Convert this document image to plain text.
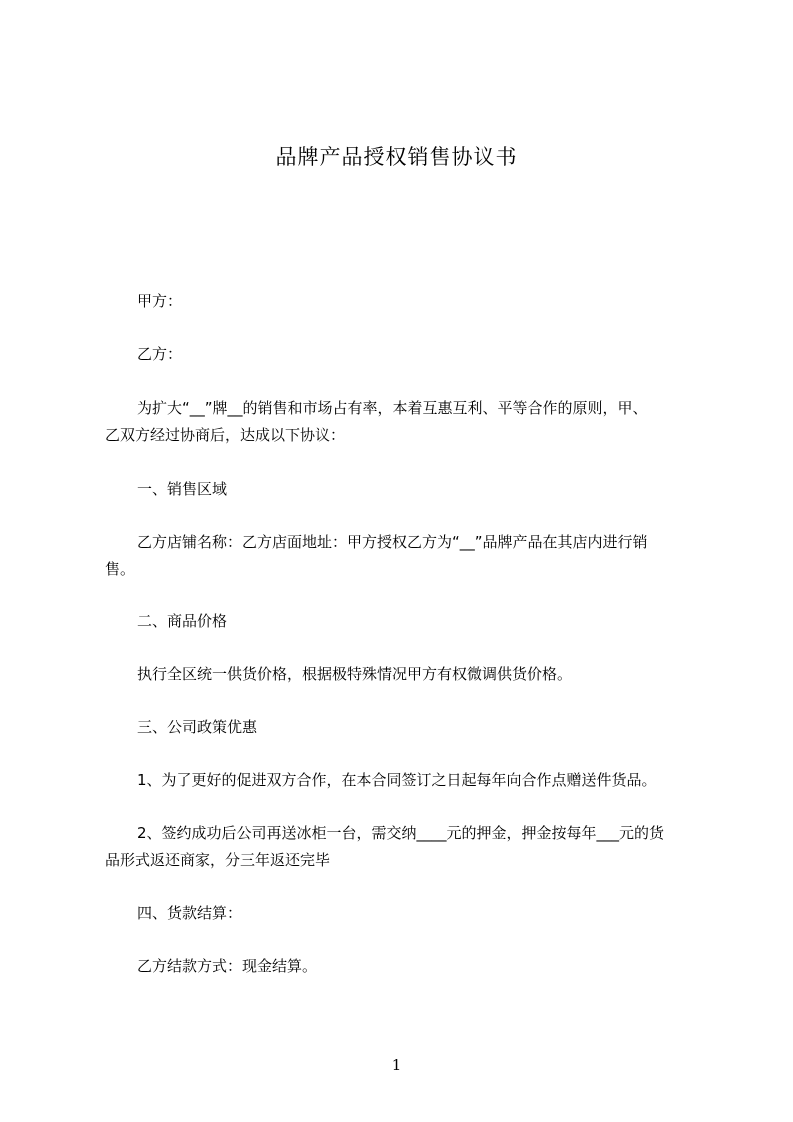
品牌产品授权销售协议书
甲方：
乙方：
为扩大“__”牌__的销售和市场占有率，本着互惠互利、平等合作的原则，甲、
乙双方经过协商后，达成以下协议：
一、销售区域
乙方店铺名称：乙方店面地址：甲方授权乙方为“__”品牌产品在其店内进行销
售。
二、商品价格
执行全区统一供货价格，根据极特殊情况甲方有权微调供货价格。
三、公司政策优惠
1、为了更好的促进双方合作，在本合同签订之日起每年向合作点赠送件货品。
2、签约成功后公司再送冰柜一台，需交纳____元的押金，押金按每年___元的货
品形式返还商家，分三年返还完毕
四、货款结算：
乙方结款方式：现金结算。
1
